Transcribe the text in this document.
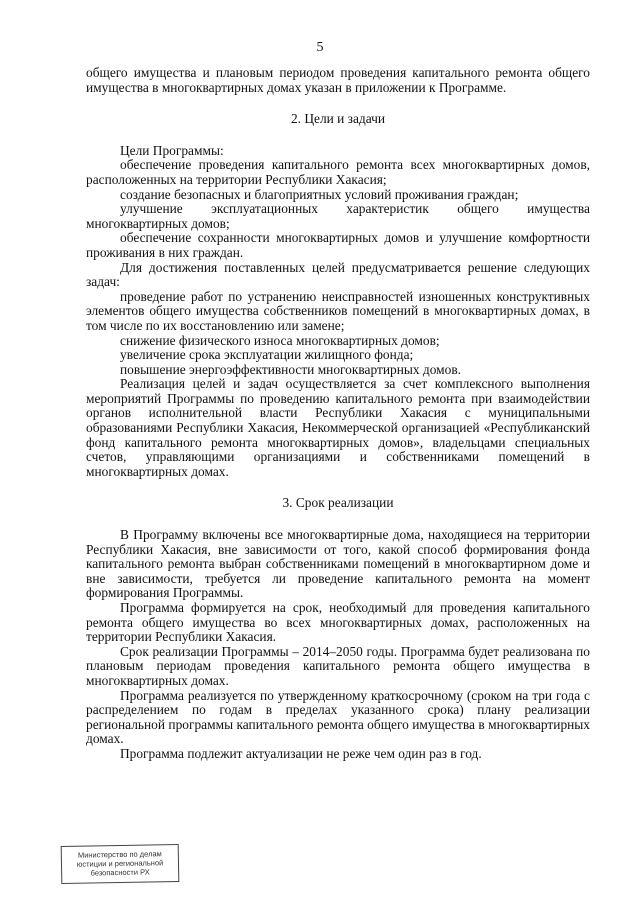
5

общего имущества и плановым периодом проведения капитального ремонта общего имущества в многоквартирных домах указан в приложении к Программе.

2. Цели и задачи

Цели Программы:

обеспечение проведения капитального ремонта всех многоквартирных домов, расположенных на территории Республики Хакасия;

создание безопасных и благоприятных условий проживания граждан;

улучшение эксплуатационных характеристик общего имущества многоквартирных домов;

обеспечение сохранности многоквартирных домов и улучшение комфортности проживания в них граждан.

Для достижения поставленных целей предусматривается решение следующих задач:

проведение работ по устранению неисправностей изношенных конструктивных элементов общего имущества собственников помещений в многоквартирных домах, в том числе по их восстановлению или замене;

снижение физического износа многоквартирных домов;

увеличение срока эксплуатации жилищного фонда;

повышение энергоэффективности многоквартирных домов.

Реализация целей и задач осуществляется за счет комплексного выполнения мероприятий Программы по проведению капитального ремонта при взаимодействии органов исполнительной власти Республики Хакасия с муниципальными образованиями Республики Хакасия, Некоммерческой организацией «Республиканский фонд капитального ремонта многоквартирных домов», владельцами специальных счетов, управляющими организациями и собственниками помещений в многоквартирных домах.

3. Срок реализации

В Программу включены все многоквартирные дома, находящиеся на территории Республики Хакасия, вне зависимости от того, какой способ формирования фонда капитального ремонта выбран собственниками помещений в многоквартирном доме и вне зависимости, требуется ли проведение капитального ремонта на момент формирования Программы.

Программа формируется на срок, необходимый для проведения капитального ремонта общего имущества во всех многоквартирных домах, расположенных на территории Республики Хакасия.

Срок реализации Программы – 2014–2050 годы. Программа будет реализована по плановым периодам проведения капитального ремонта общего имущества в многоквартирных домах.

Программа реализуется по утвержденному краткосрочному (сроком на три года с распределением по годам в пределах указанного срока) плану реализации региональной программы капитального ремонта общего имущества в многоквартирных домах.

Программа подлежит актуализации не реже чем один раз в год.

Министерство по делам
юстиции и региональной
безопасности РХ
